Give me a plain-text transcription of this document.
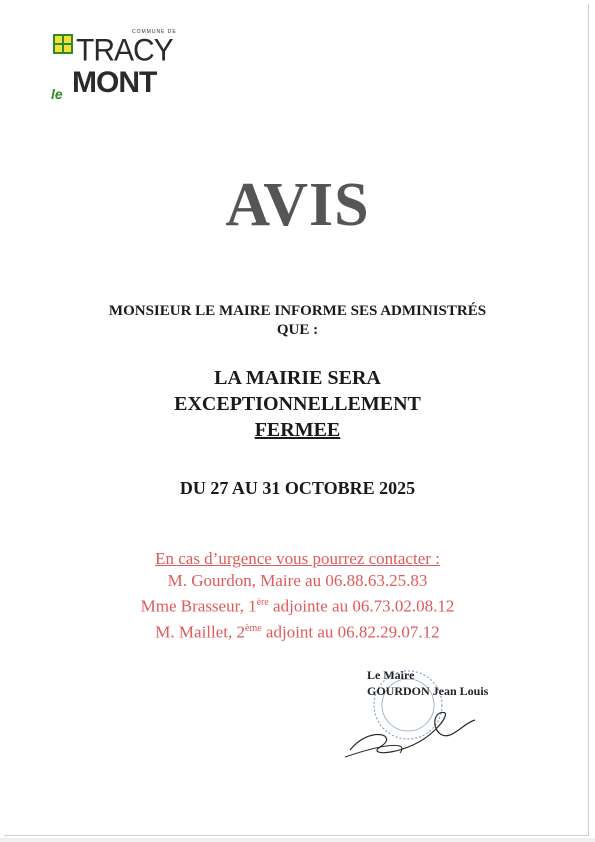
COMMUNE DE
TRACY
le MONT
AVIS
MONSIEUR LE MAIRE INFORME SES ADMINISTRÉS
QUE :
LA MAIRIE SERA
EXCEPTIONNELLEMENT
FERMEE
DU 27 AU 31 OCTOBRE 2025
En cas d’urgence vous pourrez contacter :
M. Gourdon, Maire au 06.88.63.25.83
Mme Brasseur, 1ère adjointe au 06.73.02.08.12
M. Maillet, 2ème adjoint au 06.82.29.07.12
Le Maire
GOURDON Jean Louis
